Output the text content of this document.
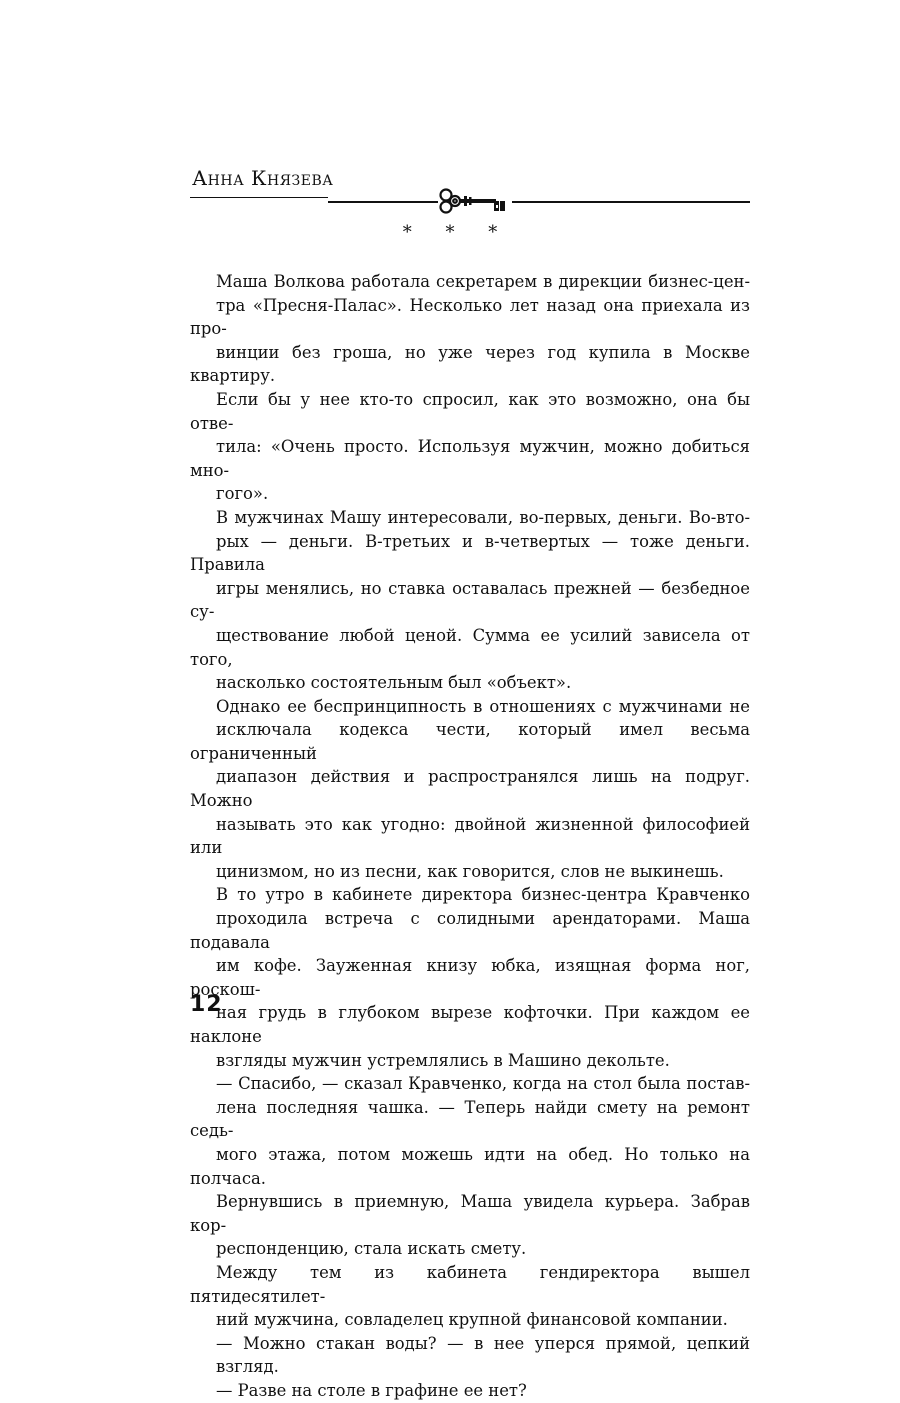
Анна Князева
* * *

Маша Волкова работала секретарем в дирекции бизнес-цен-
тра «Пресня-Палас». Несколько лет назад она приехала из про-
винции без гроша, но уже через год купила в Москве квартиру.
Если бы у нее кто-то спросил, как это возможно, она бы отве-
тила: «Очень просто. Используя мужчин, можно добиться мно-
гого».

В мужчинах Машу интересовали, во-первых, деньги. Во-вто-
рых — деньги. В-третьих и в-четвертых — тоже деньги. Правила
игры менялись, но ставка оставалась прежней — безбедное су-
ществование любой ценой. Сумма ее усилий зависела от того,
насколько состоятельным был «объект».

Однако ее беспринципность в отношениях с мужчинами не
исключала кодекса чести, который имел весьма ограниченный
диапазон действия и распространялся лишь на подруг. Можно
называть это как угодно: двойной жизненной философией или
цинизмом, но из песни, как говорится, слов не выкинешь.

В то утро в кабинете директора бизнес-центра Кравченко
проходила встреча с солидными арендаторами. Маша подавала
им кофе. Зауженная книзу юбка, изящная форма ног, роскош-
ная грудь в глубоком вырезе кофточки. При каждом ее наклоне
взгляды мужчин устремлялись в Машино декольте.

— Спасибо, — сказал Кравченко, когда на стол была постав-
лена последняя чашка. — Теперь найди смету на ремонт седь-
мого этажа, потом можешь идти на обед. Но только на полчаса.

Вернувшись в приемную, Маша увидела курьера. Забрав кор-
респонденцию, стала искать смету.

Между тем из кабинета гендиректора вышел пятидесятилет-
ний мужчина, совладелец крупной финансовой компании.

— Можно стакан воды? — в нее уперся прямой, цепкий
взгляд.

— Разве на столе в графине ее нет?

12
